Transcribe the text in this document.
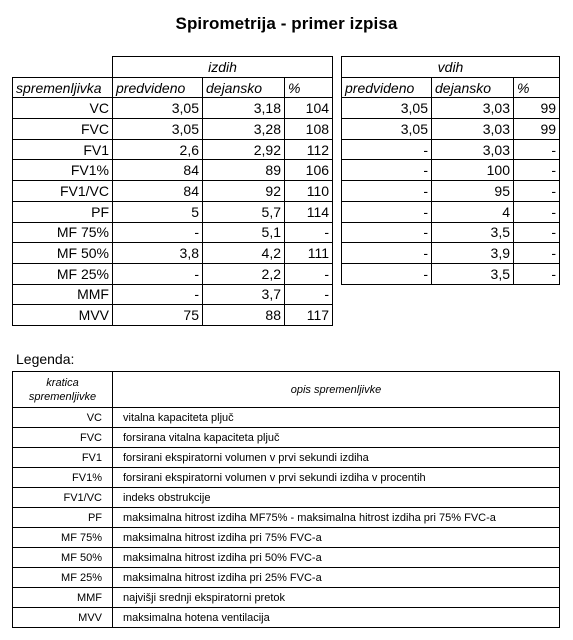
Spirometrija - primer izpisa
	izdih		
spremenljivka	predvideno	dejansko	%
VC	3,05	3,18	104
FVC	3,05	3,28	108
FV1	2,6	2,92	112
FV1%	84	89	106
FV1/VC	84	92	110
PF	5	5,7	114
MF 75%	-	5,1	-
MF 50%	3,8	4,2	111
MF 25%	-	2,2	-
MMF	-	3,7	-
MVV	75	88	117
vdih		
predvideno	dejansko	%
3,05	3,03	99
3,05	3,03	99
-	3,03	-
-	100	-
-	95	-
-	4	-
-	3,5	-
-	3,9	-
-	3,5	-
Legenda:
kratica spremenljivke	opis spremenljivke
VC	vitalna kapaciteta pljuč
FVC	forsirana vitalna kapaciteta pljuč
FV1	forsirani ekspiratorni volumen v prvi sekundi izdiha
FV1%	forsirani ekspiratorni volumen v prvi sekundi izdiha v procentih
FV1/VC	indeks obstrukcije
PF	maksimalna hitrost izdiha MF75% - maksimalna hitrost izdiha pri 75% FVC-a
MF 75%	maksimalna hitrost izdiha pri 75% FVC-a
MF 50%	maksimalna hitrost izdiha pri 50% FVC-a
MF 25%	maksimalna hitrost izdiha pri 25% FVC-a
MMF	najvišji srednji ekspiratorni pretok
MVV	maksimalna hotena ventilacija
